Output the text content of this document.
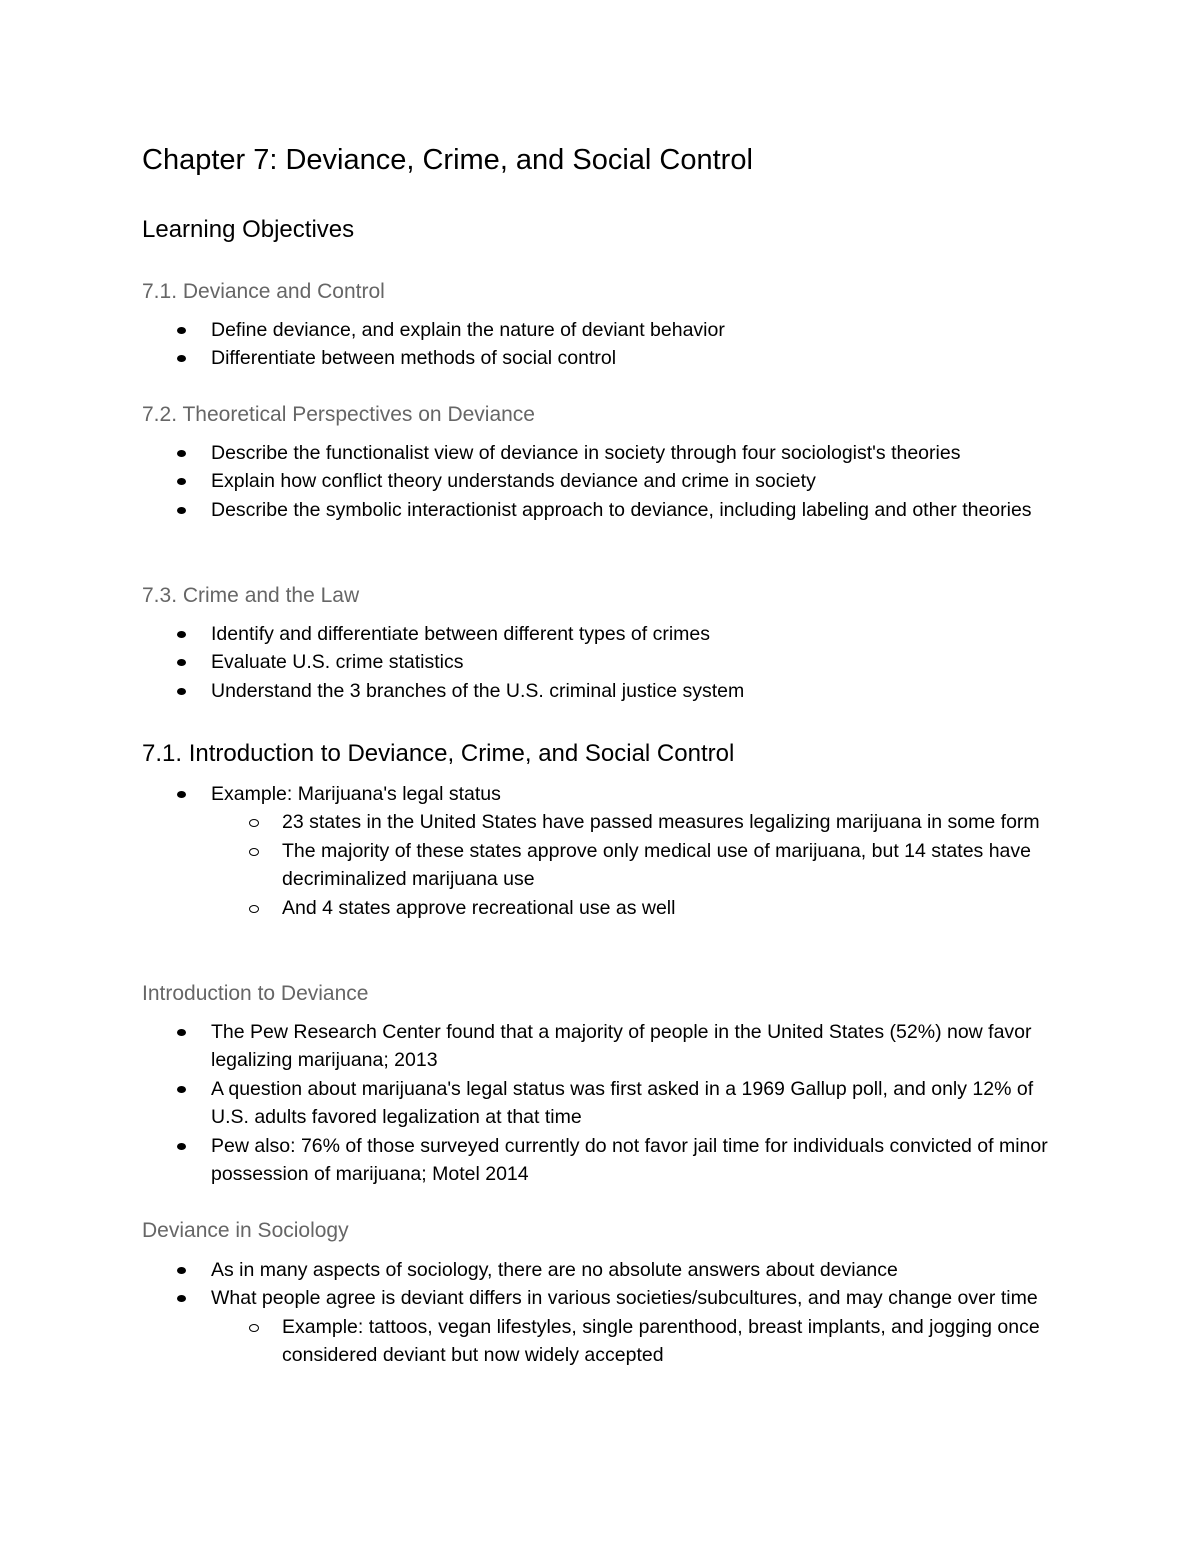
Chapter 7: Deviance, Crime, and Social Control
Learning Objectives
7.1. Deviance and Control
Define deviance, and explain the nature of deviant behavior
Differentiate between methods of social control
7.2. Theoretical Perspectives on Deviance
Describe the functionalist view of deviance in society through four sociologist's theories
Explain how conflict theory understands deviance and crime in society
Describe the symbolic interactionist approach to deviance, including labeling and other theories
7.3. Crime and the Law
Identify and differentiate between different types of crimes
Evaluate U.S. crime statistics
Understand the 3 branches of the U.S. criminal justice system
7.1. Introduction to Deviance, Crime, and Social Control
Example: Marijuana's legal status
23 states in the United States have passed measures legalizing marijuana in some form
The majority of these states approve only medical use of marijuana, but 14 states have decriminalized marijuana use
And 4 states approve recreational use as well
Introduction to Deviance
The Pew Research Center found that a majority of people in the United States (52%) now favor legalizing marijuana; 2013
A question about marijuana's legal status was first asked in a 1969 Gallup poll, and only 12% of U.S. adults favored legalization at that time
Pew also: 76% of those surveyed currently do not favor jail time for individuals convicted of minor possession of marijuana; Motel 2014
Deviance in Sociology
As in many aspects of sociology, there are no absolute answers about deviance
What people agree is deviant differs in various societies/subcultures, and may change over time
Example: tattoos, vegan lifestyles, single parenthood, breast implants, and jogging once considered deviant but now widely accepted
